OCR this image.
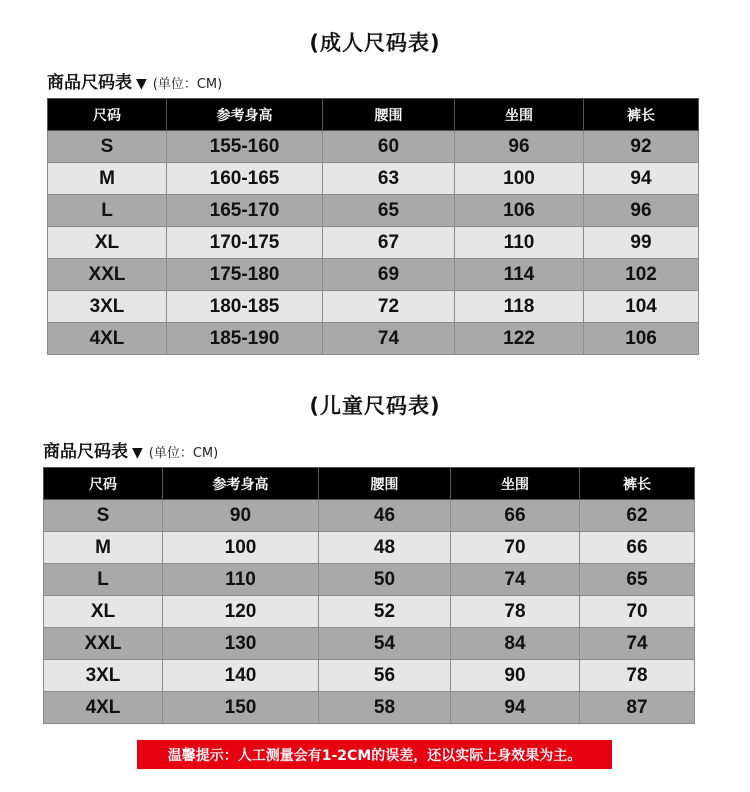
(成人尺码表)
商品尺码表 ▼ (单位：CM)
尺码	参考身高	腰围	坐围	裤长
S	155-160	60	96	92
M	160-165	63	100	94
L	165-170	65	106	96
XL	170-175	67	110	99
XXL	175-180	69	114	102
3XL	180-185	72	118	104
4XL	185-190	74	122	106
(儿童尺码表)
商品尺码表 ▼ (单位：CM)
尺码	参考身高	腰围	坐围	裤长
S	90	46	66	62
M	100	48	70	66
L	110	50	74	65
XL	120	52	78	70
XXL	130	54	84	74
3XL	140	56	90	78
4XL	150	58	94	87
温馨提示：人工测量会有1-2CM的误差，还以实际上身效果为主。
